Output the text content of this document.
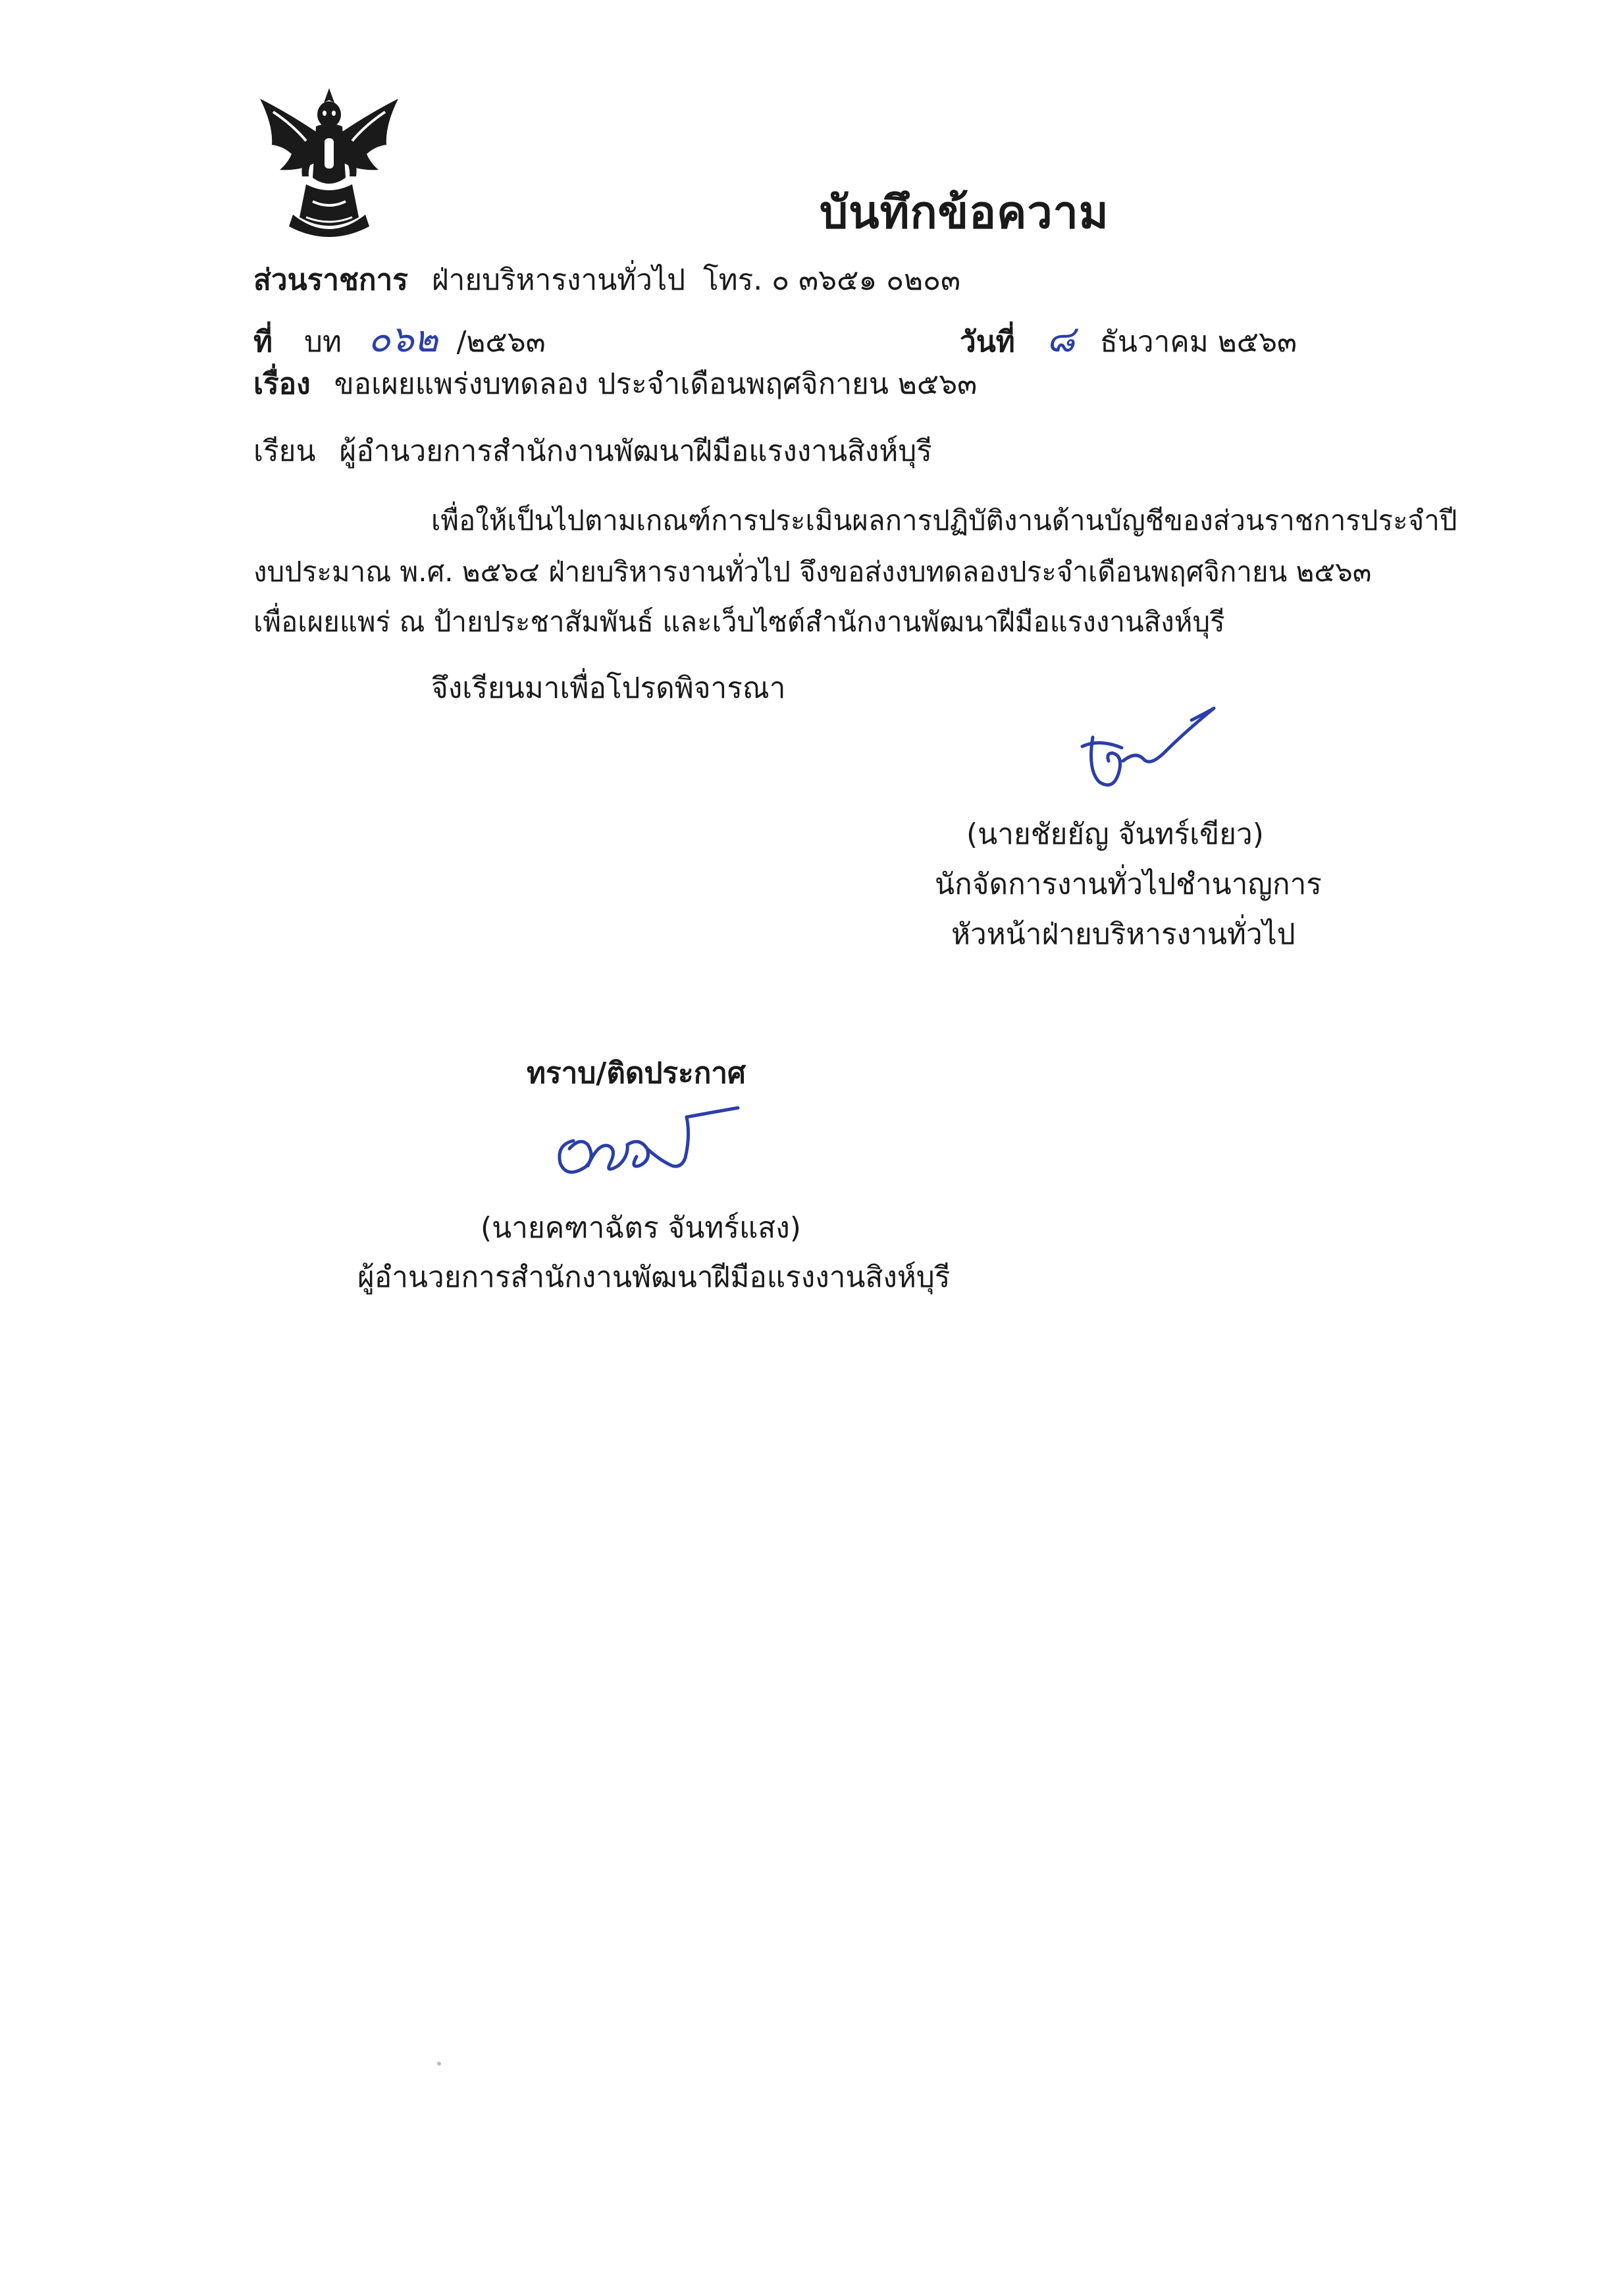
บันทึกข้อความ
ส่วนราชการ ฝ่ายบริหารงานทั่วไป โทร. ๐ ๓๖๕๑ ๐๒๐๓
ที่ บท ๐๖๒ /๒๕๖๓	วันที่ ๘ ธันวาคม ๒๕๖๓
เรื่อง ขอเผยแพร่งบทดลอง ประจำเดือนพฤศจิกายน ๒๕๖๓
เรียน ผู้อำนวยการสำนักงานพัฒนาฝีมือแรงงานสิงห์บุรี
เพื่อให้เป็นไปตามเกณฑ์การประเมินผลการปฏิบัติงานด้านบัญชีของส่วนราชการประจำปี
งบประมาณ พ.ศ. ๒๕๖๔ ฝ่ายบริหารงานทั่วไป จึงขอส่งงบทดลองประจำเดือนพฤศจิกายน ๒๕๖๓
เพื่อเผยแพร่ ณ ป้ายประชาสัมพันธ์ และเว็บไซต์สำนักงานพัฒนาฝีมือแรงงานสิงห์บุรี
จึงเรียนมาเพื่อโปรดพิจารณา
(นายชัยยัญ จันทร์เขียว)
นักจัดการงานทั่วไปชำนาญการ
หัวหน้าฝ่ายบริหารงานทั่วไป
ทราบ/ติดประกาศ
(นายคฑาฉัตร จันทร์แสง)
ผู้อำนวยการสำนักงานพัฒนาฝีมือแรงงานสิงห์บุรี
